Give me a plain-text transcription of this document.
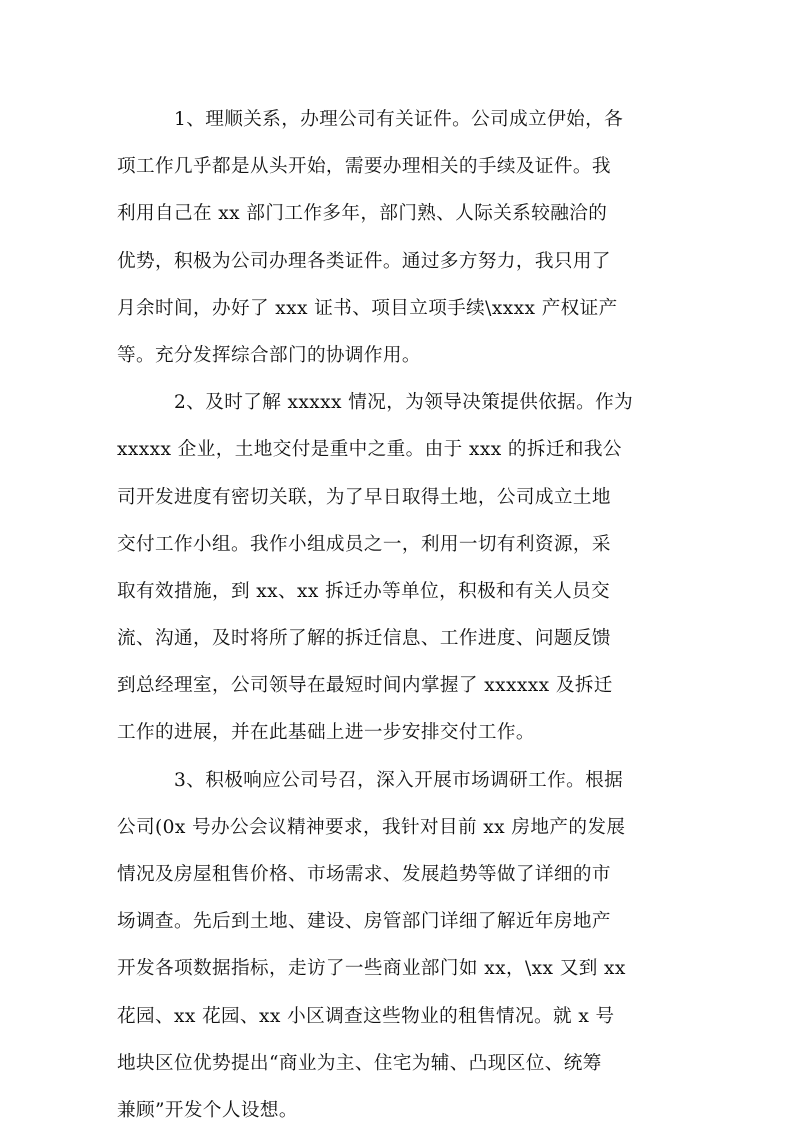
1、理顺关系，办理公司有关证件。公司成立伊始，各
项工作几乎都是从头开始，需要办理相关的手续及证件。我
利用自己在 xx 部门工作多年，部门熟、人际关系较融洽的
优势，积极为公司办理各类证件。通过多方努力，我只用了
月余时间，办好了 xxx 证书、项目立项手续\xxxx 产权证产
等。充分发挥综合部门的协调作用。
2、及时了解 xxxxx 情况，为领导决策提供依据。作为
xxxxx 企业，土地交付是重中之重。由于 xxx 的拆迁和我公
司开发进度有密切关联，为了早日取得土地，公司成立土地
交付工作小组。我作小组成员之一，利用一切有利资源，采
取有效措施，到 xx、xx 拆迁办等单位，积极和有关人员交
流、沟通，及时将所了解的拆迁信息、工作进度、问题反馈
到总经理室，公司领导在最短时间内掌握了 xxxxxx 及拆迁
工作的进展，并在此基础上进一步安排交付工作。
3、积极响应公司号召，深入开展市场调研工作。根据
公司(0x 号办公会议精神要求，我针对目前 xx 房地产的发展
情况及房屋租售价格、市场需求、发展趋势等做了详细的市
场调查。先后到土地、建设、房管部门详细了解近年房地产
开发各项数据指标，走访了一些商业部门如 xx，\xx 又到 xx
花园、xx 花园、xx 小区调查这些物业的租售情况。就 x 号
地块区位优势提出“商业为主、住宅为辅、凸现区位、统筹
兼顾”开发个人设想。
